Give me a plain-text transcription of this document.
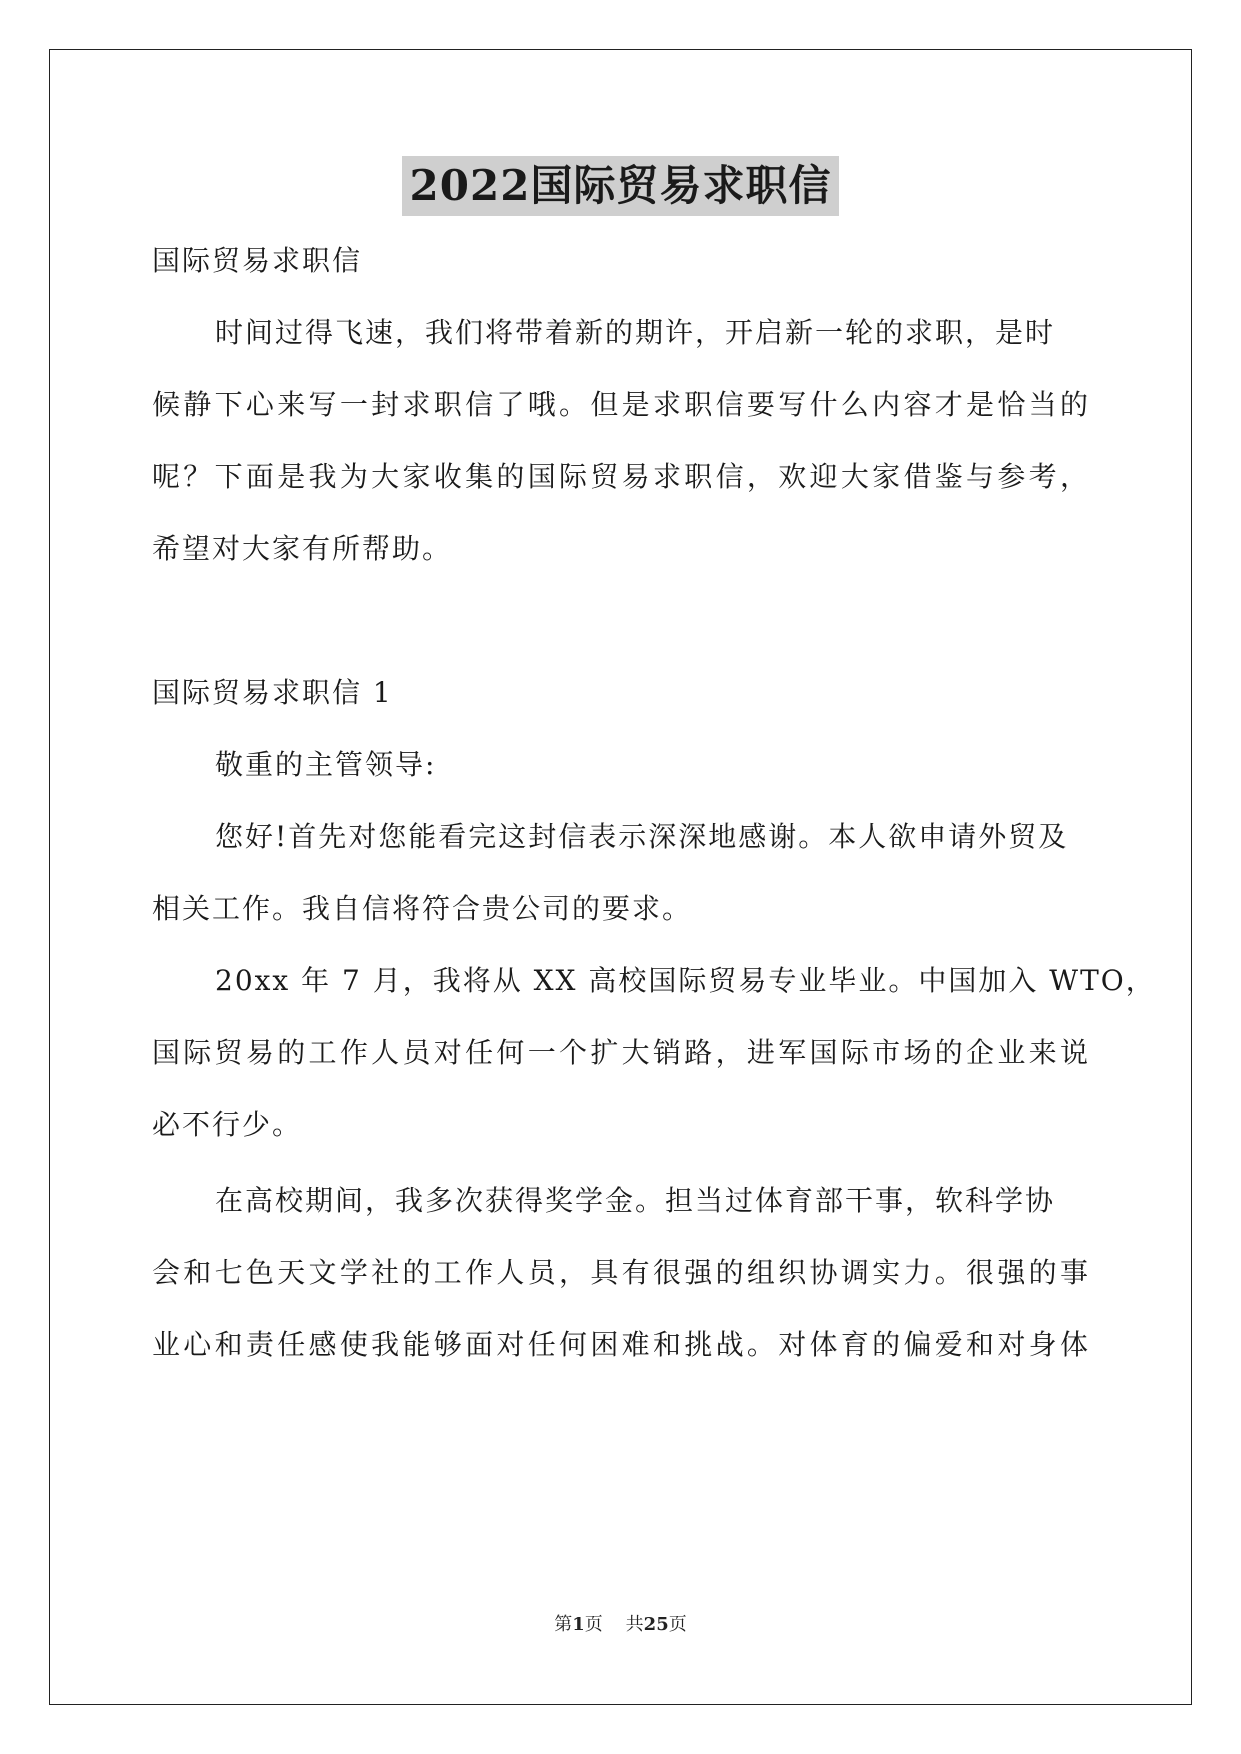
2022国际贸易求职信
国际贸易求职信
时间过得飞速，我们将带着新的期许，开启新一轮的求职，是时
候静下心来写一封求职信了哦。但是求职信要写什么内容才是恰当的
呢？下面是我为大家收集的国际贸易求职信，欢迎大家借鉴与参考，
希望对大家有所帮助。
国际贸易求职信 1
敬重的主管领导:
您好!首先对您能看完这封信表示深深地感谢。本人欲申请外贸及
相关工作。我自信将符合贵公司的要求。
20xx 年 7 月，我将从 XX 高校国际贸易专业毕业。中国加入 WTO，
国际贸易的工作人员对任何一个扩大销路，进军国际市场的企业来说
必不行少。
在高校期间，我多次获得奖学金。担当过体育部干事，软科学协
会和七色天文学社的工作人员，具有很强的组织协调实力。很强的事
业心和责任感使我能够面对任何困难和挑战。对体育的偏爱和对身体
第1页 共25页
